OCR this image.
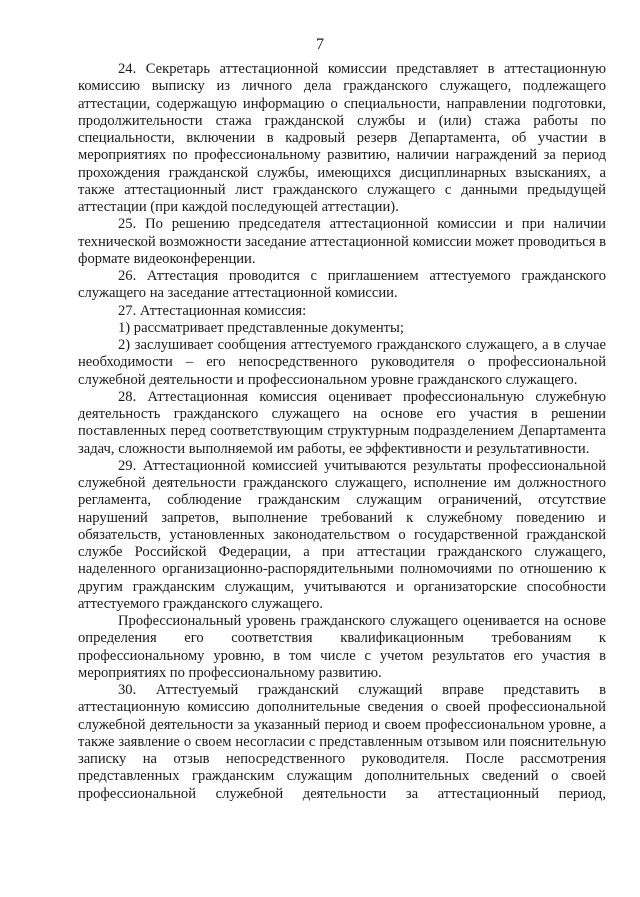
7

24. Секретарь аттестационной комиссии представляет в аттестационную комиссию выписку из личного дела гражданского служащего, подлежащего аттестации, содержащую информацию о специальности, направлении подготовки, продолжительности стажа гражданской службы и (или) стажа работы по специальности, включении в кадровый резерв Департамента, об участии в мероприятиях по профессиональному развитию, наличии награждений за период прохождения гражданской службы, имеющихся дисциплинарных взысканиях, а также аттестационный лист гражданского служащего с данными предыдущей аттестации (при каждой последующей аттестации).

25. По решению председателя аттестационной комиссии и при наличии технической возможности заседание аттестационной комиссии может проводиться в формате видеоконференции.

26. Аттестация проводится с приглашением аттестуемого гражданского служащего на заседание аттестационной комиссии.

27. Аттестационная комиссия:

1) рассматривает представленные документы;

2) заслушивает сообщения аттестуемого гражданского служащего, а в случае необходимости – его непосредственного руководителя о профессиональной служебной деятельности и профессиональном уровне гражданского служащего.

28. Аттестационная комиссия оценивает профессиональную служебную деятельность гражданского служащего на основе его участия в решении поставленных перед соответствующим структурным подразделением Департамента задач, сложности выполняемой им работы, ее эффективности и результативности.

29. Аттестационной комиссией учитываются результаты профессиональной служебной деятельности гражданского служащего, исполнение им должностного регламента, соблюдение гражданским служащим ограничений, отсутствие нарушений запретов, выполнение требований к служебному поведению и обязательств, установленных законодательством о государственной гражданской службе Российской Федерации, а при аттестации гражданского служащего, наделенного организационно-распорядительными полномочиями по отношению к другим гражданским служащим, учитываются и организаторские способности аттестуемого гражданского служащего.

Профессиональный уровень гражданского служащего оценивается на основе определения его соответствия квалификационным требованиям к профессиональному уровню, в том числе с учетом результатов его участия в мероприятиях по профессиональному развитию.

30. Аттестуемый гражданский служащий вправе представить в аттестационную комиссию дополнительные сведения о своей профессиональной служебной деятельности за указанный период и своем профессиональном уровне, а также заявление о своем несогласии с представленным отзывом или пояснительную записку на отзыв непосредственного руководителя. После рассмотрения представленных гражданским служащим дополнительных сведений о своей профессиональной служебной деятельности за аттестационный период,
